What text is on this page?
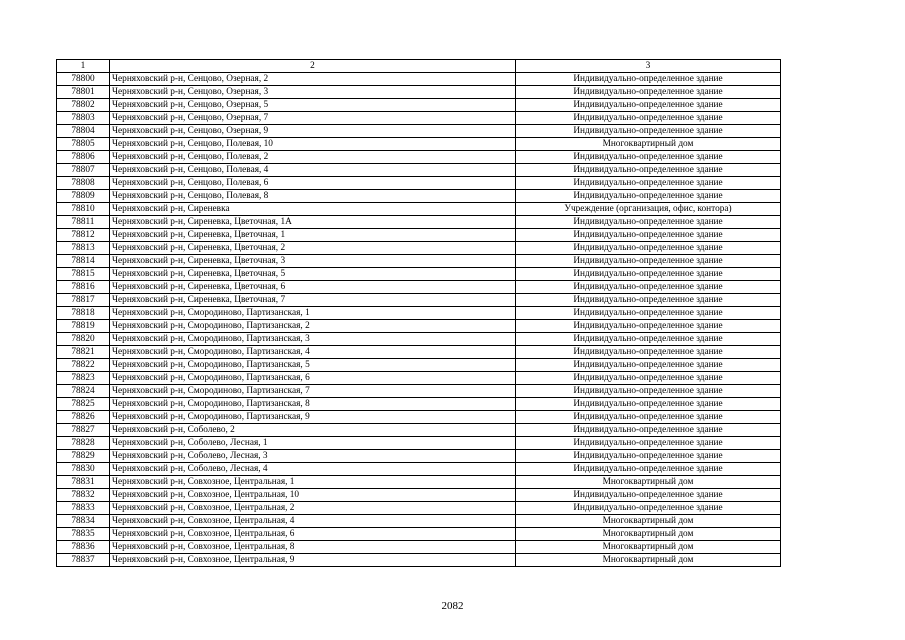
1	2	3
78800	Черняховский р-н, Сенцово, Озерная, 2	Индивидуально-определенное здание
78801	Черняховский р-н, Сенцово, Озерная, 3	Индивидуально-определенное здание
78802	Черняховский р-н, Сенцово, Озерная, 5	Индивидуально-определенное здание
78803	Черняховский р-н, Сенцово, Озерная, 7	Индивидуально-определенное здание
78804	Черняховский р-н, Сенцово, Озерная, 9	Индивидуально-определенное здание
78805	Черняховский р-н, Сенцово, Полевая, 10	Многоквартирный дом
78806	Черняховский р-н, Сенцово, Полевая, 2	Индивидуально-определенное здание
78807	Черняховский р-н, Сенцово, Полевая, 4	Индивидуально-определенное здание
78808	Черняховский р-н, Сенцово, Полевая, 6	Индивидуально-определенное здание
78809	Черняховский р-н, Сенцово, Полевая, 8	Индивидуально-определенное здание
78810	Черняховский р-н, Сиреневка	Учреждение (организация, офис, контора)
78811	Черняховский р-н, Сиреневка, Цветочная, 1А	Индивидуально-определенное здание
78812	Черняховский р-н, Сиреневка, Цветочная, 1	Индивидуально-определенное здание
78813	Черняховский р-н, Сиреневка, Цветочная, 2	Индивидуально-определенное здание
78814	Черняховский р-н, Сиреневка, Цветочная, 3	Индивидуально-определенное здание
78815	Черняховский р-н, Сиреневка, Цветочная, 5	Индивидуально-определенное здание
78816	Черняховский р-н, Сиреневка, Цветочная, 6	Индивидуально-определенное здание
78817	Черняховский р-н, Сиреневка, Цветочная, 7	Индивидуально-определенное здание
78818	Черняховский р-н, Смородиново, Партизанская, 1	Индивидуально-определенное здание
78819	Черняховский р-н, Смородиново, Партизанская, 2	Индивидуально-определенное здание
78820	Черняховский р-н, Смородиново, Партизанская, 3	Индивидуально-определенное здание
78821	Черняховский р-н, Смородиново, Партизанская, 4	Индивидуально-определенное здание
78822	Черняховский р-н, Смородиново, Партизанская, 5	Индивидуально-определенное здание
78823	Черняховский р-н, Смородиново, Партизанская, 6	Индивидуально-определенное здание
78824	Черняховский р-н, Смородиново, Партизанская, 7	Индивидуально-определенное здание
78825	Черняховский р-н, Смородиново, Партизанская, 8	Индивидуально-определенное здание
78826	Черняховский р-н, Смородиново, Партизанская, 9	Индивидуально-определенное здание
78827	Черняховский р-н, Соболево, 2	Индивидуально-определенное здание
78828	Черняховский р-н, Соболево, Лесная, 1	Индивидуально-определенное здание
78829	Черняховский р-н, Соболево, Лесная, 3	Индивидуально-определенное здание
78830	Черняховский р-н, Соболево, Лесная, 4	Индивидуально-определенное здание
78831	Черняховский р-н, Совхозное, Центральная, 1	Многоквартирный дом
78832	Черняховский р-н, Совхозное, Центральная, 10	Индивидуально-определенное здание
78833	Черняховский р-н, Совхозное, Центральная, 2	Индивидуально-определенное здание
78834	Черняховский р-н, Совхозное, Центральная, 4	Многоквартирный дом
78835	Черняховский р-н, Совхозное, Центральная, 6	Многоквартирный дом
78836	Черняховский р-н, Совхозное, Центральная, 8	Многоквартирный дом
78837	Черняховский р-н, Совхозное, Центральная, 9	Многоквартирный дом
2082
